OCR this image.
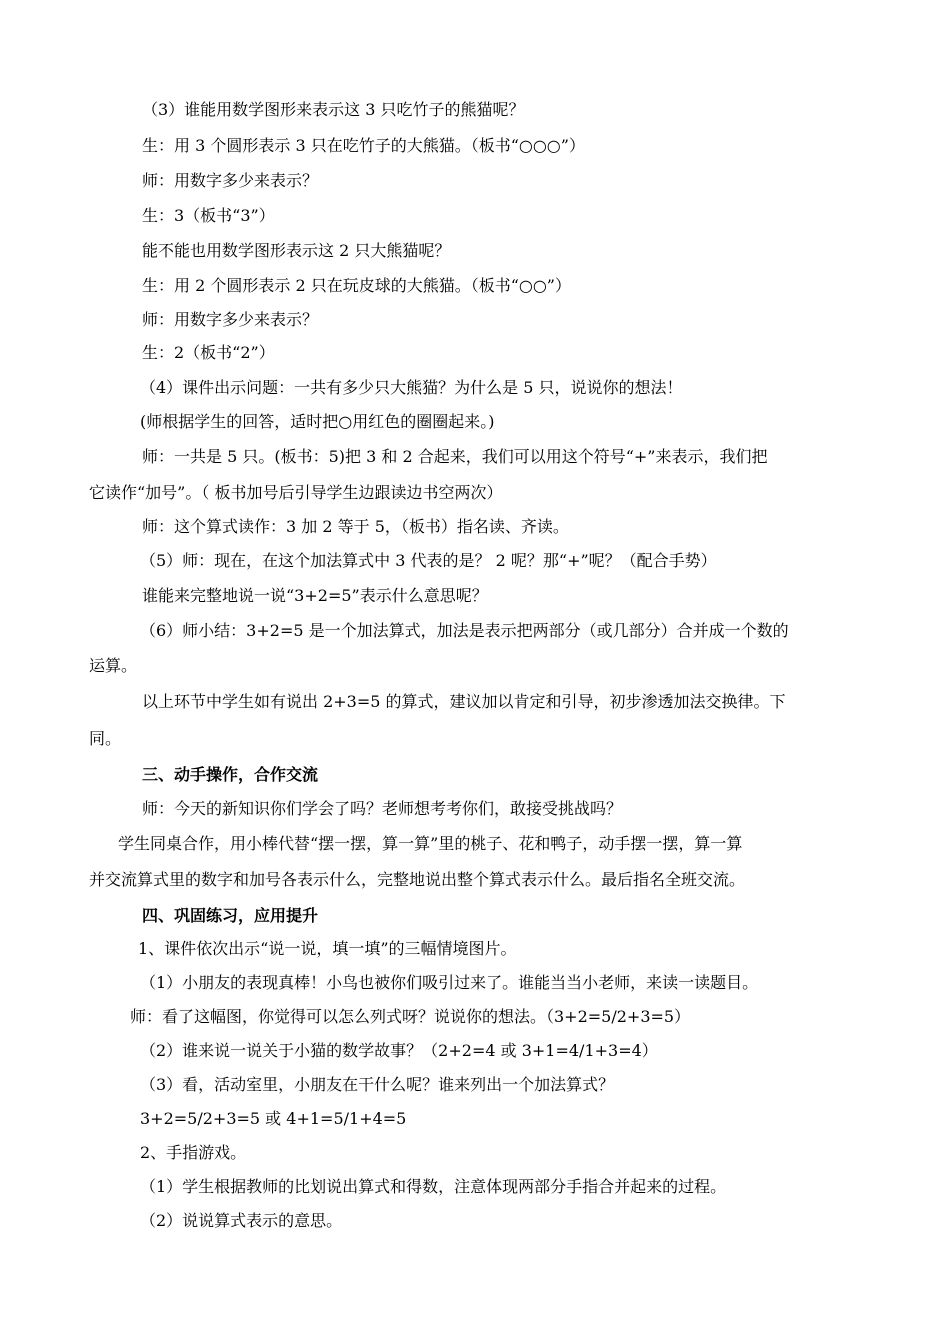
（3）谁能用数学图形来表示这 3 只吃竹子的熊猫呢？
生：用 3 个圆形表示 3 只在吃竹子的大熊猫。（板书“○○○”）
师：用数字多少来表示？
生：3（板书“3”）
能不能也用数学图形表示这 2 只大熊猫呢？
生：用 2 个圆形表示 2 只在玩皮球的大熊猫。（板书“○○”）
师：用数字多少来表示？
生：2（板书“2”）
（4）课件出示问题：一共有多少只大熊猫？为什么是 5 只，说说你的想法！
(师根据学生的回答，适时把○用红色的圈圈起来。)
师：一共是 5 只。(板书：5)把 3 和 2 合起来，我们可以用这个符号“+”来表示，我们把
它读作“加号”。（ 板书加号后引导学生边跟读边书空两次）
师：这个算式读作：3 加 2 等于 5，（板书）指名读、齐读。
（5）师：现在，在这个加法算式中 3 代表的是？ 2 呢？那“+”呢？（配合手势）
谁能来完整地说一说“3+2=5”表示什么意思呢？
（6）师小结：3+2=5 是一个加法算式，加法是表示把两部分（或几部分）合并成一个数的
运算。
以上环节中学生如有说出 2+3=5 的算式，建议加以肯定和引导，初步渗透加法交换律。下
同。
三、动手操作，合作交流
师：今天的新知识你们学会了吗？老师想考考你们，敢接受挑战吗？
学生同桌合作，用小棒代替“摆一摆，算一算”里的桃子、花和鸭子，动手摆一摆，算一算
并交流算式里的数字和加号各表示什么，完整地说出整个算式表示什么。最后指名全班交流。
四、巩固练习，应用提升
1、课件依次出示“说一说，填一填”的三幅情境图片。
（1）小朋友的表现真棒！小鸟也被你们吸引过来了。谁能当当小老师，来读一读题目。
师：看了这幅图，你觉得可以怎么列式呀？说说你的想法。（3+2=5/2+3=5）
（2）谁来说一说关于小猫的数学故事？（2+2=4 或 3+1=4/1+3=4）
（3）看，活动室里，小朋友在干什么呢？谁来列出一个加法算式？
3+2=5/2+3=5 或 4+1=5/1+4=5
2、手指游戏。
（1）学生根据教师的比划说出算式和得数，注意体现两部分手指合并起来的过程。
（2）说说算式表示的意思。
